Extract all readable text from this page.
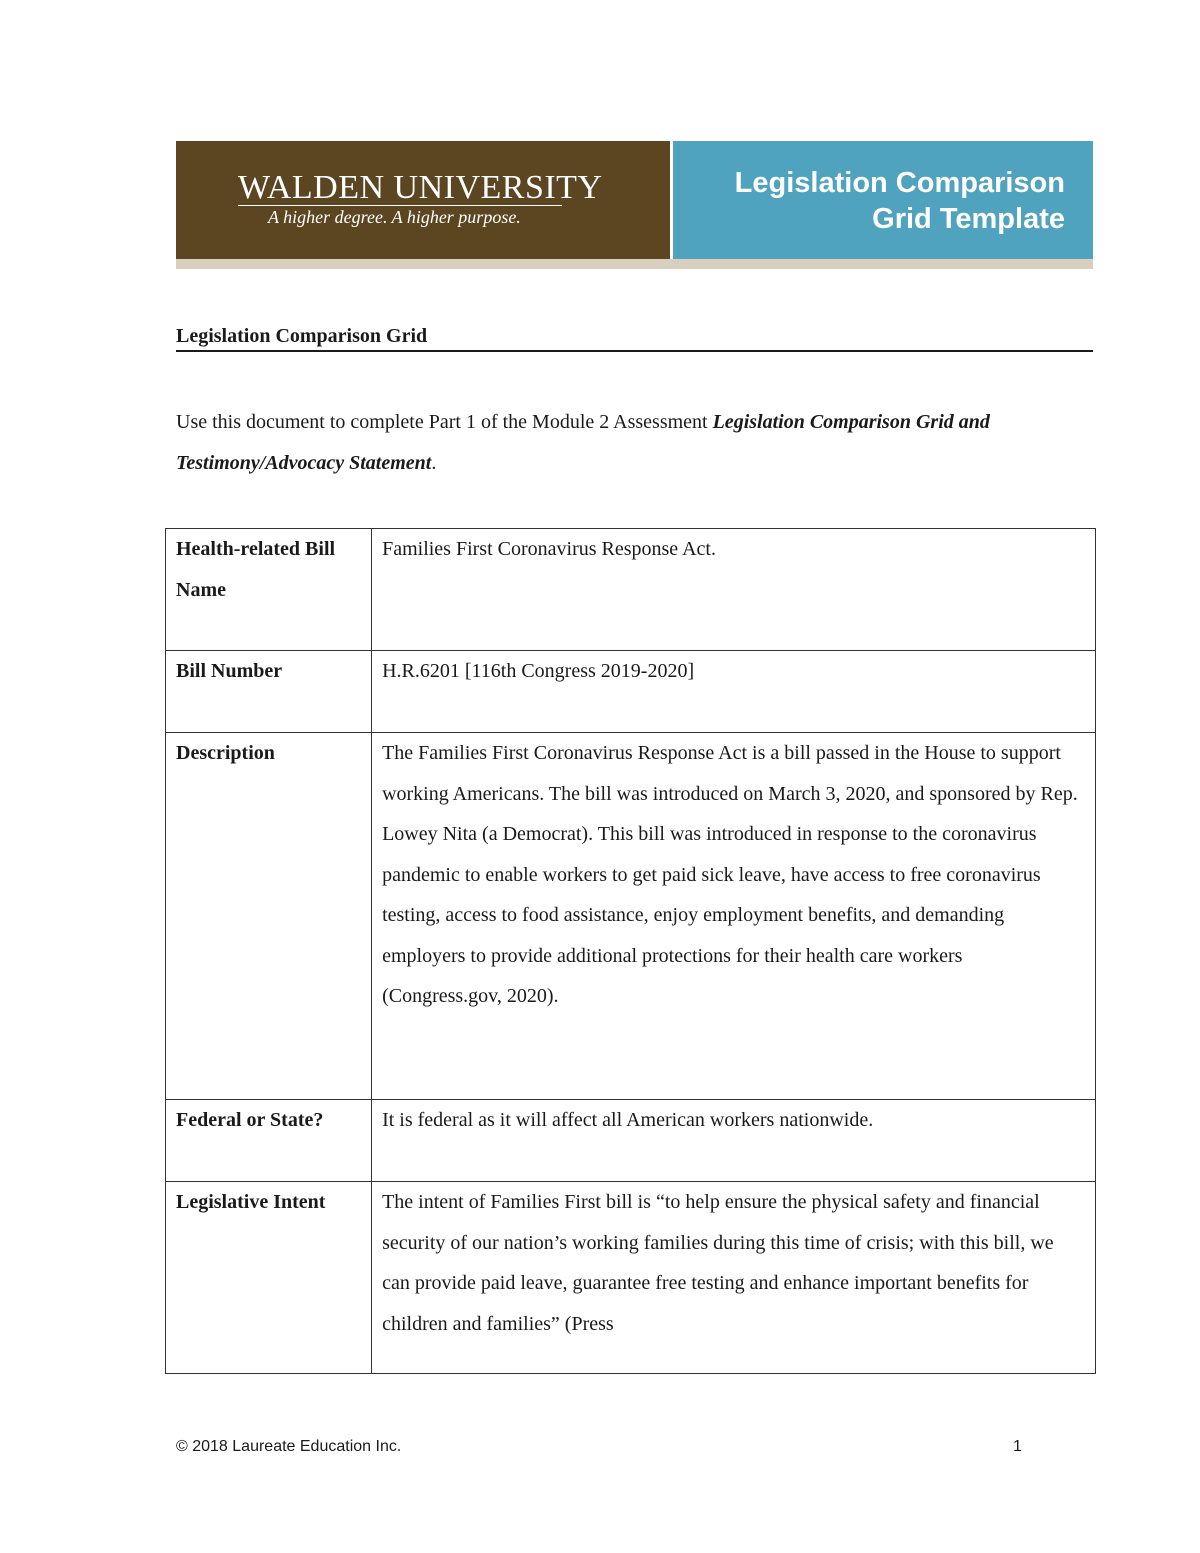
WALDEN UNIVERSITY
A higher degree. A higher purpose.
Legislation Comparison
Grid Template
Legislation Comparison Grid
Use this document to complete Part 1 of the Module 2 Assessment Legislation Comparison Grid and Testimony/Advocacy Statement.
Health-related Bill Name	Families First Coronavirus Response Act.
Bill Number	H.R.6201 [116th Congress 2019-2020]
Description	The Families First Coronavirus Response Act is a bill passed in the House to support working Americans. The bill was introduced on March 3, 2020, and sponsored by Rep. Lowey Nita (a Democrat). This bill was introduced in response to the coronavirus pandemic to enable workers to get paid sick leave, have access to free coronavirus testing, access to food assistance, enjoy employment benefits, and demanding employers to provide additional protections for their health care workers (Congress.gov, 2020).
Federal or State?	It is federal as it will affect all American workers nationwide.
Legislative Intent	The intent of Families First bill is “to help ensure the physical safety and financial security of our nation’s working families during this time of crisis; with this bill, we can provide paid leave, guarantee free testing and enhance important benefits for children and families” (Press
© 2018 Laureate Education Inc.	1
